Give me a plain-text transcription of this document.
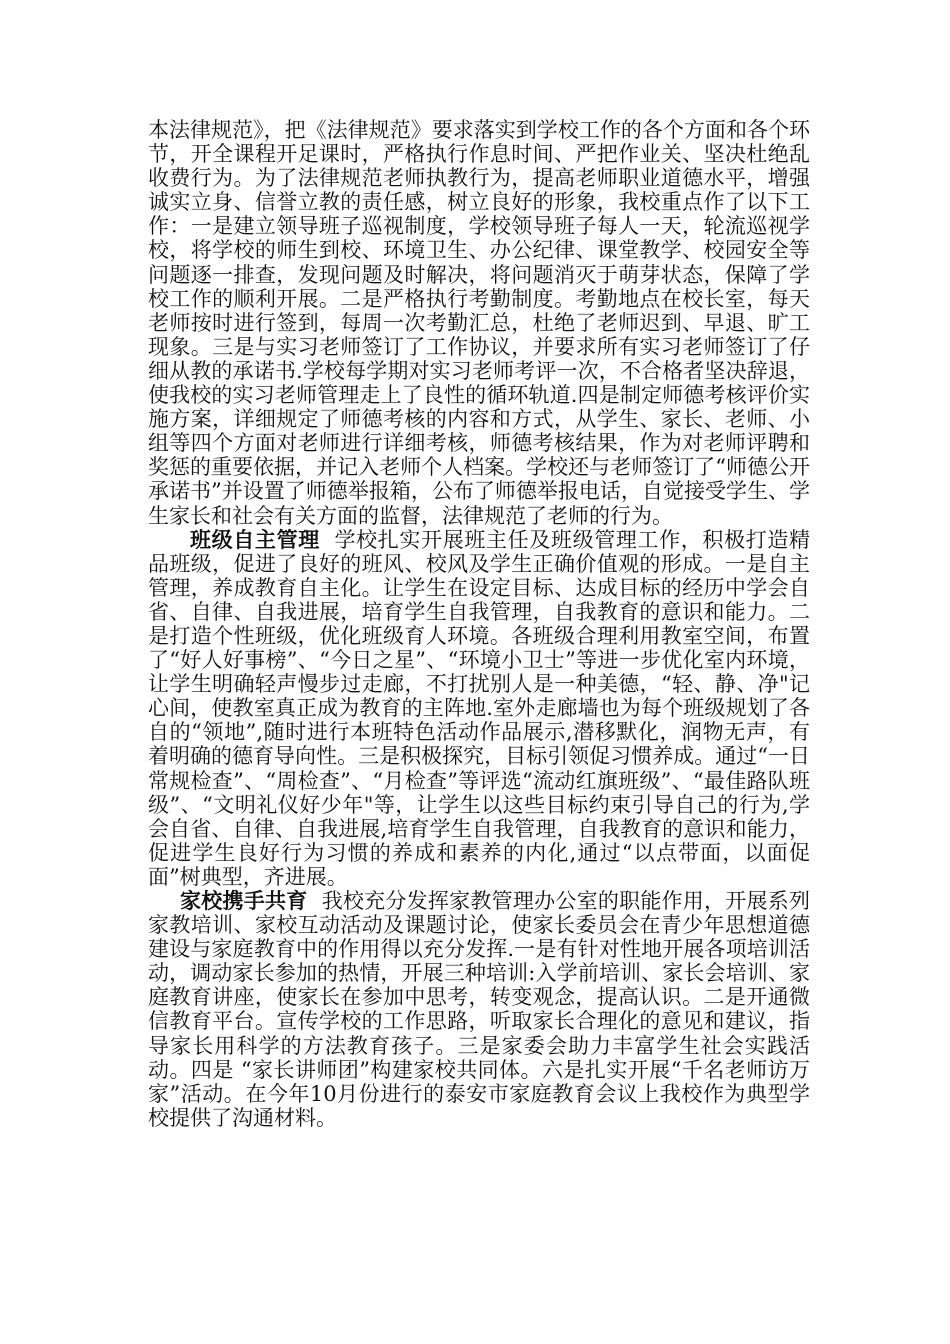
本法律规范》，把《法律规范》要求落实到学校工作的各个方面和各个环节，开全课程开足课时，严格执行作息时间、严把作业关、坚决杜绝乱收费行为。为了法律规范老师执教行为，提高老师职业道德水平，增强诚实立身、信誉立教的责任感，树立良好的形象，我校重点作了以下工作：一是建立领导班子巡视制度，学校领导班子每人一天，轮流巡视学校，将学校的师生到校、环境卫生、办公纪律、课堂教学、校园安全等问题逐一排查，发现问题及时解决，将问题消灭于萌芽状态，保障了学校工作的顺利开展。二是严格执行考勤制度。考勤地点在校长室，每天老师按时进行签到，每周一次考勤汇总，杜绝了老师迟到、早退、旷工现象。三是与实习老师签订了工作协议，并要求所有实习老师签订了仔细从教的承诺书.学校每学期对实习老师考评一次，不合格者坚决辞退，使我校的实习老师管理走上了良性的循环轨道.四是制定师德考核评价实施方案，详细规定了师德考核的内容和方式，从学生、家长、老师、小组等四个方面对老师进行详细考核，师德考核结果，作为对老师评聘和奖惩的重要依据，并记入老师个人档案。学校还与老师签订了“师德公开承诺书”并设置了师德举报箱，公布了师德举报电话，自觉接受学生、学生家长和社会有关方面的监督，法律规范了老师的行为。

班级自主管理 学校扎实开展班主任及班级管理工作，积极打造精品班级，促进了良好的班风、校风及学生正确价值观的形成。一是自主管理，养成教育自主化。让学生在设定目标、达成目标的经历中学会自省、自律、自我进展，培育学生自我管理，自我教育的意识和能力。二是打造个性班级，优化班级育人环境。各班级合理利用教室空间，布置了“好人好事榜”、“今日之星”、“环境小卫士”等进一步优化室内环境，让学生明确轻声慢步过走廊，不打扰别人是一种美德，“轻、静、净"记心间，使教室真正成为教育的主阵地.室外走廊墙也为每个班级规划了各自的“领地”,随时进行本班特色活动作品展示,潜移默化，润物无声，有着明确的德育导向性。三是积极探究，目标引领促习惯养成。通过“一日常规检查”、“周检查”、“月检查”等评选“流动红旗班级”、“最佳路队班级”、“文明礼仪好少年"等，让学生以这些目标约束引导自己的行为,学会自省、自律、自我进展,培育学生自我管理，自我教育的意识和能力，促进学生良好行为习惯的养成和素养的内化,通过“以点带面，以面促面”树典型，齐进展。

家校携手共育 我校充分发挥家教管理办公室的职能作用，开展系列家教培训、家校互动活动及课题讨论，使家长委员会在青少年思想道德建设与家庭教育中的作用得以充分发挥.一是有针对性地开展各项培训活动，调动家长参加的热情，开展三种培训:入学前培训、家长会培训、家庭教育讲座，使家长在参加中思考，转变观念，提高认识。二是开通微信教育平台。宣传学校的工作思路，听取家长合理化的意见和建议，指导家长用科学的方法教育孩子。三是家委会助力丰富学生社会实践活动。四是 “家长讲师团”构建家校共同体。六是扎实开展“千名老师访万家”活动。在今年10月份进行的泰安市家庭教育会议上我校作为典型学校提供了沟通材料。
